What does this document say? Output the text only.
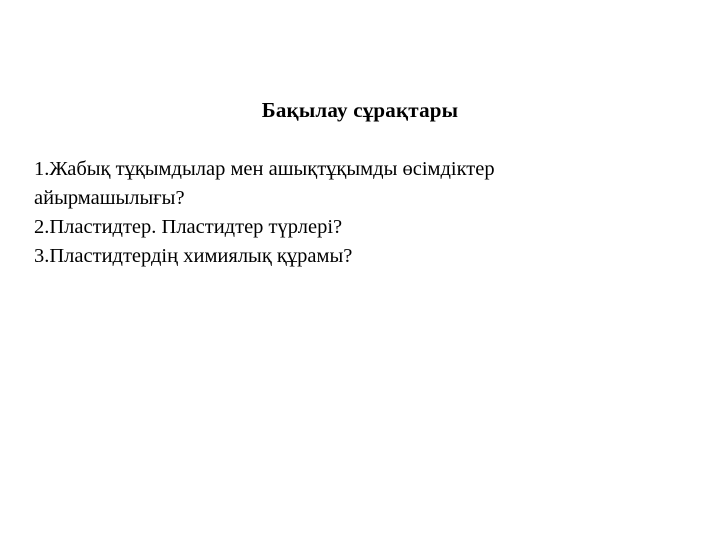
Бақылау сұрақтары
1.Жабық тұқымдылар мен ашықтұқымды өсімдіктер
айырмашылығы?
2.Пластидтер. Пластидтер түрлері?
3.Пластидтердің химиялық құрамы?
